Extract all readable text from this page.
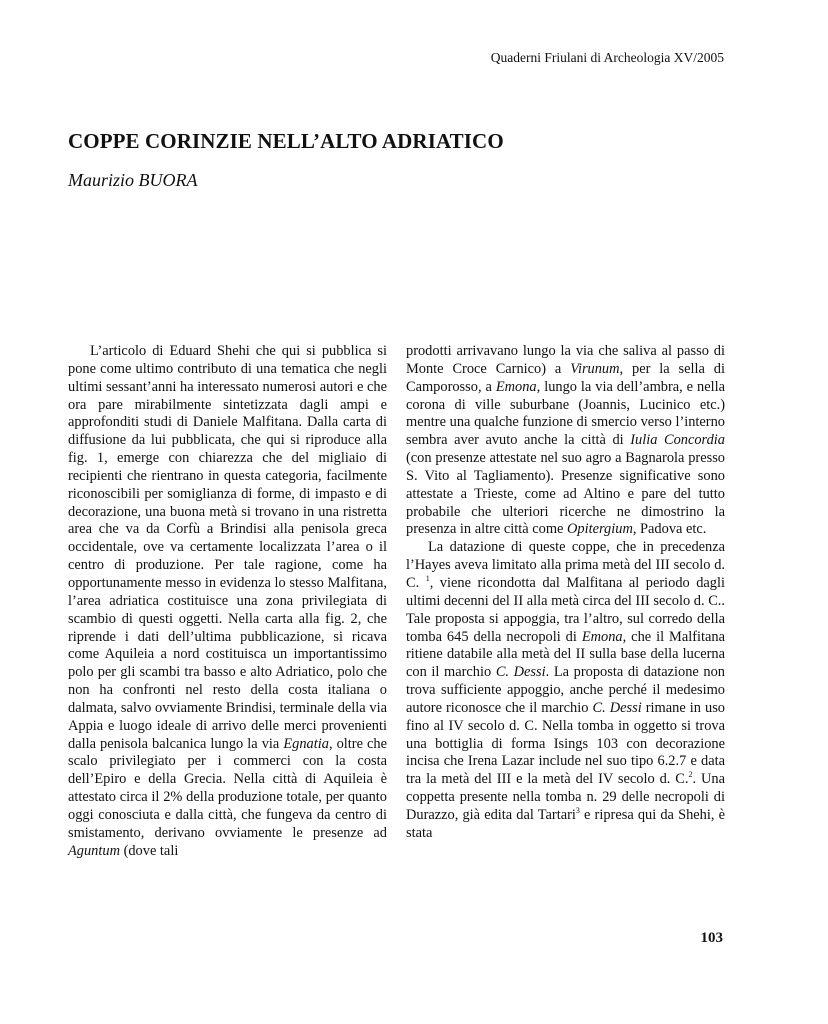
Quaderni Friulani di Archeologia XV/2005
COPPE CORINZIE NELL’ALTO ADRIATICO
Maurizio BUORA

L’articolo di Eduard Shehi che qui si pubblica si pone come ultimo contributo di una tematica che negli ultimi sessant’anni ha interessato numerosi autori e che ora pare mirabilmente sintetizzata dagli ampi e approfonditi studi di Daniele Malfitana. Dalla carta di diffusione da lui pubblicata, che qui si riproduce alla fig. 1, emerge con chiarezza che del migliaio di recipienti che rientrano in questa categoria, facilmente riconoscibili per somiglianza di forme, di impasto e di decorazione, una buona metà si trovano in una ristretta area che va da Corfù a Brindisi alla penisola greca occidentale, ove va certamente localizzata l’area o il centro di produzione. Per tale ragione, come ha opportunamente messo in evidenza lo stesso Malfitana, l’area adriatica costituisce una zona privilegiata di scambio di questi oggetti. Nella carta alla fig. 2, che riprende i dati dell’ultima pubblicazione, si ricava come Aquileia a nord costituisca un importantissimo polo per gli scambi tra basso e alto Adriatico, polo che non ha confronti nel resto della costa italiana o dalmata, salvo ovviamente Brindisi, terminale della via Appia e luogo ideale di arrivo delle merci provenienti dalla penisola balcanica lungo la via Egnatia, oltre che scalo privilegiato per i commerci con la costa dell’Epiro e della Grecia. Nella città di Aquileia è attestato circa il 2% della produzione totale, per quanto oggi conosciuta e dalla città, che fungeva da centro di smistamento, derivano ovviamente le presenze ad Aguntum (dove tali

prodotti arrivavano lungo la via che saliva al passo di Monte Croce Carnico) a Virunum, per la sella di Camporosso, a Emona, lungo la via dell’ambra, e nella corona di ville suburbane (Joannis, Lucinico etc.) mentre una qualche funzione di smercio verso l’interno sembra aver avuto anche la città di Iulia Concordia (con presenze attestate nel suo agro a Bagnarola presso S. Vito al Tagliamento). Presenze significative sono attestate a Trieste, come ad Altino e pare del tutto probabile che ulteriori ricerche ne dimostrino la presenza in altre città come Opitergium, Padova etc.

La datazione di queste coppe, che in precedenza l’Hayes aveva limitato alla prima metà del III secolo d. C. $^1$, viene ricondotta dal Malfitana al periodo dagli ultimi decenni del II alla metà circa del III secolo d. C.. Tale proposta si appoggia, tra l’altro, sul corredo della tomba 645 della necropoli di Emona, che il Malfitana ritiene databile alla metà del II sulla base della lucerna con il marchio C. Dessi. La proposta di datazione non trova sufficiente appoggio, anche perché il medesimo autore riconosce che il marchio C. Dessi rimane in uso fino al IV secolo d. C. Nella tomba in oggetto si trova una bottiglia di forma Isings 103 con decorazione incisa che Irena Lazar include nel suo tipo 6.2.7 e data tra la metà del III e la metà del IV secolo d. C.$^2$. Una coppetta presente nella tomba n. 29 delle necropoli di Durazzo, già edita dal Tartari$^3$ e ripresa qui da Shehi, è stata

103
